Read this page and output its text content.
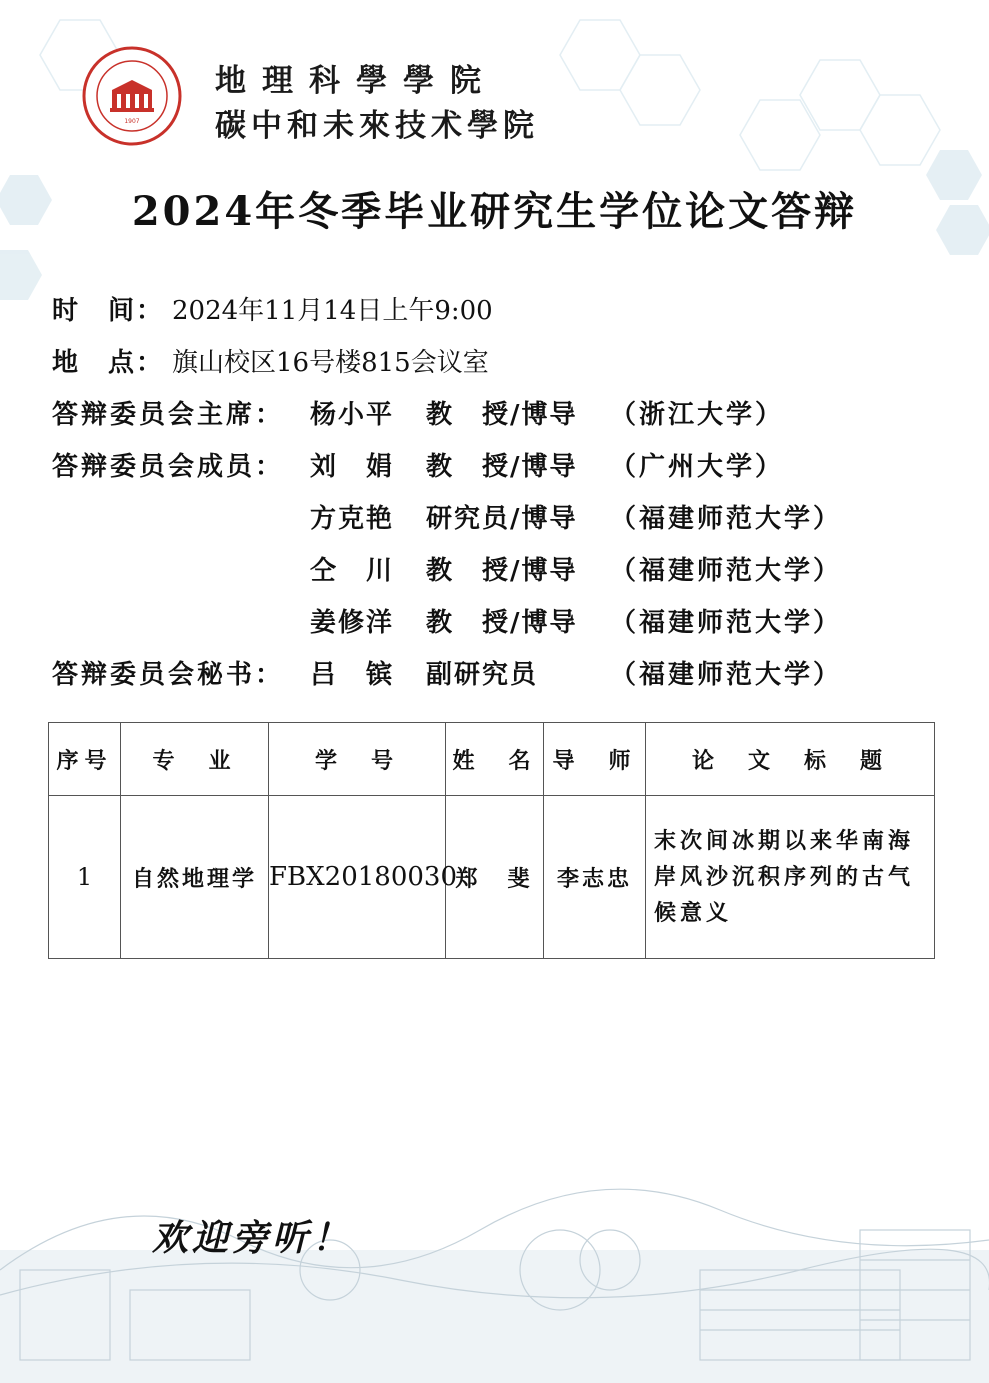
1907
地理科學學院
碳中和未來技术學院
2024年冬季毕业研究生学位论文答辩
时　间： 2024年11月14日上午9:00
地　点： 旗山校区16号楼815会议室
答辩委员会主席： 杨小平 教　授/博导 （浙江大学）
答辩委员会成员： 刘　娟 教　授/博导 （广州大学）
方克艳 研究员/博导 （福建师范大学）
仝　川 教　授/博导 （福建师范大学）
姜修洋 教　授/博导 （福建师范大学）
答辩委员会秘书： 吕　镔 副研究员	（福建师范大学）
序号	专　业	学　号	姓　名	导　师	论　文　标　题
1	自然地理学	FBX20180030	郑　斐	李志忠	末次间冰期以来华南海岸风沙沉积序列的古气候意义
欢迎旁听！
